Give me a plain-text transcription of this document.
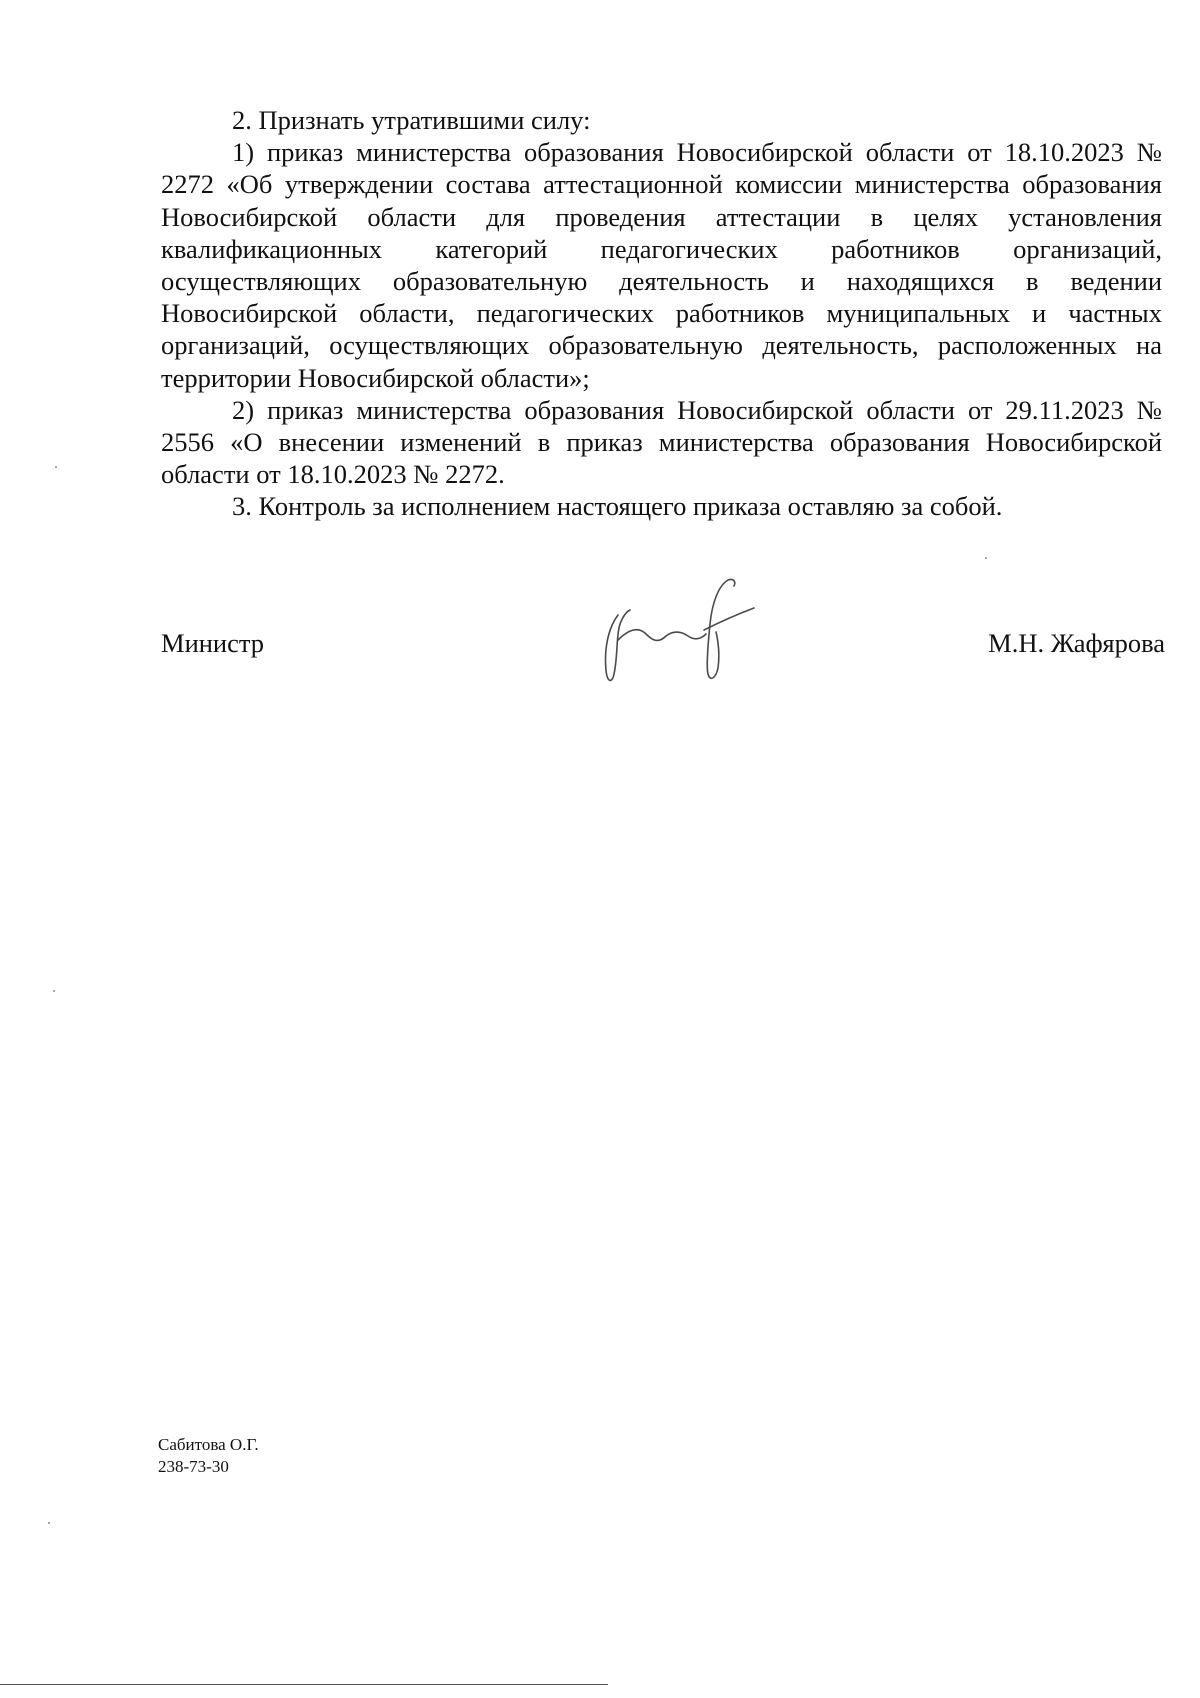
2. Признать утратившими силу:

1) приказ министерства образования Новосибирской области от 18.10.2023 № 2272 «Об утверждении состава аттестационной комиссии министерства образования Новосибирской области для проведения аттестации в целях установления квалификационных категорий педагогических работников организаций, осуществляющих образовательную деятельность и находящихся в ведении Новосибирской области, педагогических работников муниципальных и частных организаций, осуществляющих образовательную деятельность, расположенных на территории Новосибирской области»;

2) приказ министерства образования Новосибирской области от 29.11.2023 № 2556 «О внесении изменений в приказ министерства образования Новосибирской области от 18.10.2023 № 2272.

3. Контроль за исполнением настоящего приказа оставляю за собой.

Министр	М.Н. Жафярова
Сабитова О.Г.
238-73-30
